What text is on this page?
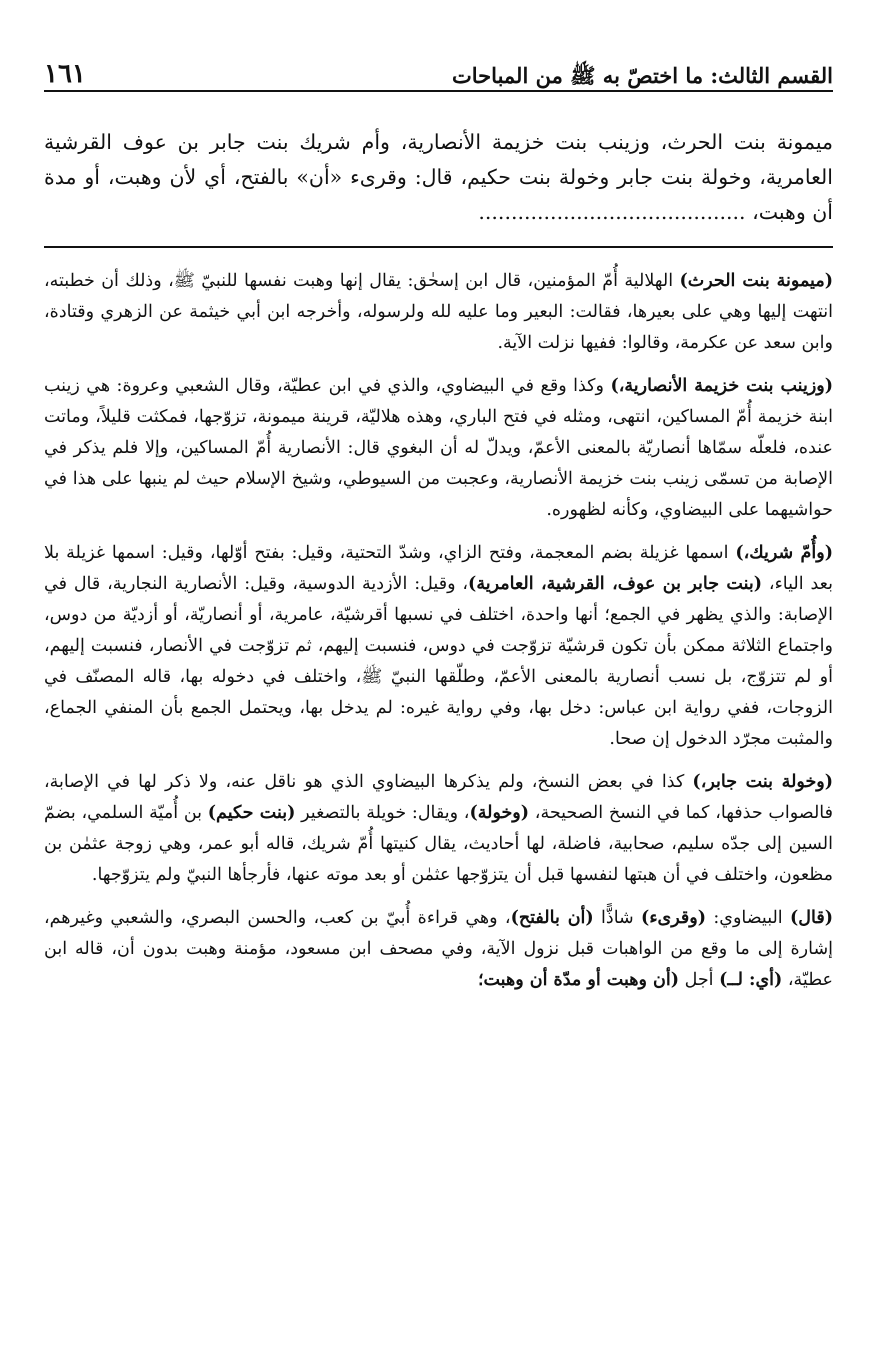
القسم الثالث: ما اختصّ به ﷺ من المباحات
١٦١
ميمونة بنت الحرث، وزينب بنت خزيمة الأنصارية، وأم شريك بنت جابر بن عوف القرشية العامرية، وخولة بنت جابر وخولة بنت حكيم، قال: وقرىء «أن» بالفتح، أي لأن وهبت، أو مدة أن وهبت، .........................................

(ميمونة بنت الحرث) الهلالية أُمّ المؤمنين، قال ابن إسحٰق: يقال إنها وهبت نفسها للنبيّ ﷺ، وذلك أن خطبته، انتهت إليها وهي على بعيرها، فقالت: البعير وما عليه لله ولرسوله، وأخرجه ابن أبي خيثمة عن الزهري وقتادة، وابن سعد عن عكرمة، وقالوا: ففيها نزلت الآية.

(وزينب بنت خزيمة الأنصارية،) وكذا وقع في البيضاوي، والذي في ابن عطيّة، وقال الشعبي وعروة: هي زينب ابنة خزيمة أُمّ المساكين، انتهى، ومثله في فتح الباري، وهذه هلاليّة، قرينة ميمونة، تزوّجها، فمكثت قليلاً، وماتت عنده، فلعلّه سمّاها أنصاريّة بالمعنى الأعمّ، ويدلّ له أن البغوي قال: الأنصارية أُمّ المساكين، وإلا فلم يذكر في الإصابة من تسمّى زينب بنت خزيمة الأنصارية، وعجبت من السيوطي، وشيخ الإسلام حيث لم ينبها على هذا في حواشيهما على البيضاوي، وكأنه لظهوره.

(وأُمّ شريك،) اسمها غزيلة بضم المعجمة، وفتح الزاي، وشدّ التحتية، وقيل: بفتح أوّلها، وقيل: اسمها غزيلة بلا بعد الياء، (بنت جابر بن عوف، القرشية، العامرية)، وقيل: الأزدية الدوسية، وقيل: الأنصارية النجارية، قال في الإصابة: والذي يظهر في الجمع؛ أنها واحدة، اختلف في نسبها أقرشيّة، عامرية، أو أنصاريّة، أو أزديّة من دوس، واجتماع الثلاثة ممكن بأن تكون قرشيّة تزوّجت في دوس، فنسبت إليهم، ثم تزوّجت في الأنصار، فنسبت إليهم، أو لم تتزوّج، بل نسب أنصارية بالمعنى الأعمّ، وطلّقها النبيّ ﷺ، واختلف في دخوله بها، قاله المصنّف في الزوجات، ففي رواية ابن عباس: دخل بها، وفي رواية غيره: لم يدخل بها، ويحتمل الجمع بأن المنفي الجماع، والمثبت مجرّد الدخول إن صحا.

(وخولة بنت جابر،) كذا في بعض النسخ، ولم يذكرها البيضاوي الذي هو ناقل عنه، ولا ذكر لها في الإصابة، فالصواب حذفها، كما في النسخ الصحيحة، (وخولة)، ويقال: خويلة بالتصغير (بنت حكيم) بن أُميّة السلمي، بضمّ السين إلى جدّه سليم، صحابية، فاضلة، لها أحاديث، يقال كنيتها أُمّ شريك، قاله أبو عمر، وهي زوجة عثمٰن بن مظعون، واختلف في أن هبتها لنفسها قبل أن يتزوّجها عثمٰن أو بعد موته عنها، فأرجأها النبيّ ولم يتزوّجها.

(قال) البيضاوي: (وقرىء) شاذًّا (أن بالفتح)، وهي قراءة أُبيّ بن كعب، والحسن البصري، والشعبي وغيرهم، إشارة إلى ما وقع من الواهبات قبل نزول الآية، وفي مصحف ابن مسعود، مؤمنة وهبت بدون أن، قاله ابن عطيّة، (أي: لــ) أجل (أن وهبت أو مدّة أن وهبت؛
